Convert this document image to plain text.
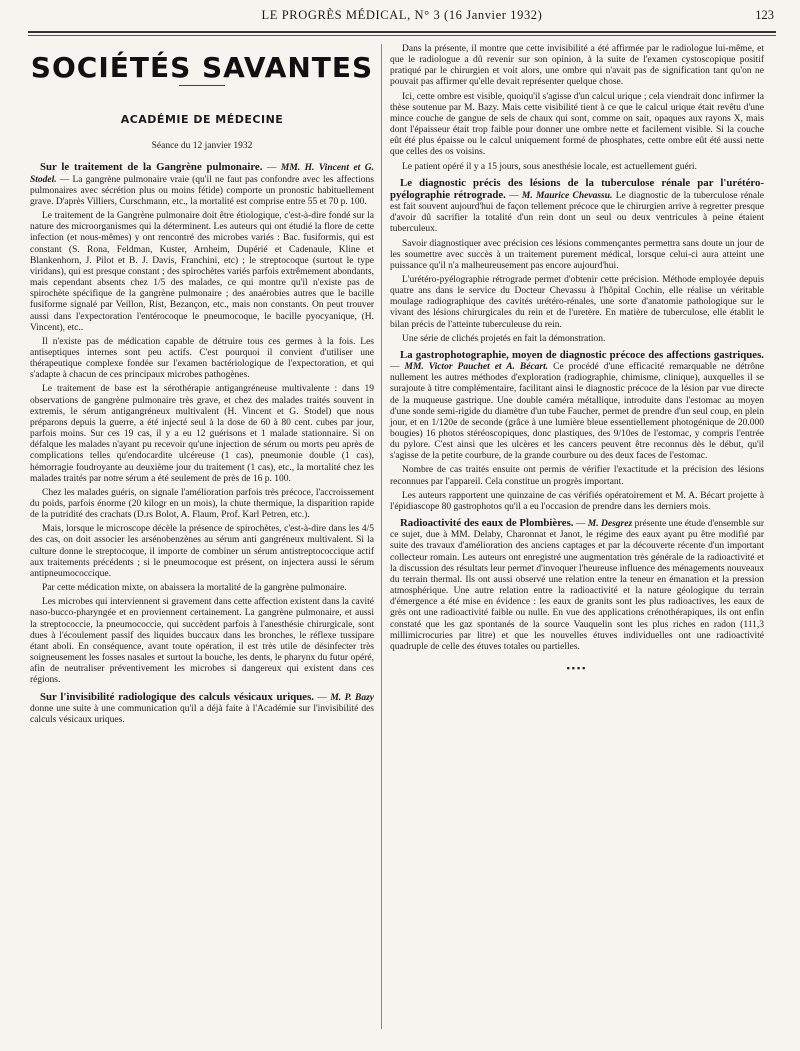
LE PROGRÈS MÉDICAL, N° 3 (16 Janvier 1932)	123
SOCIÉTÉS SAVANTES
ACADÉMIE DE MÉDECINE
Séance du 12 janvier 1932

Sur le traitement de la Gangrène pulmonaire. — MM. H. Vincent et G. Stodel. — La gangrène pulmonaire vraie (qu'il ne faut pas confondre avec les affections pulmonaires avec sécrétion plus ou moins fétide) comporte un pronostic habituellement grave. D'après Villiers, Curschmann, etc., la mortalité est comprise entre 55 et 70 p. 100.

Le traitement de la Gangrène pulmonaire doit être étiologique, c'est-à-dire fondé sur la nature des microorganismes qui la déterminent. Les auteurs qui ont étudié la flore de cette infection (et nous-mêmes) y ont rencontré des microbes variés : Bac. fusiformis, qui est constant (S. Rona, Feldman, Kuster, Arnheim, Dupérié et Cadenaule, Kline et Blankenhorn, J. Pilot et B. J. Davis, Franchini, etc) ; le streptocoque (surtout le type viridans), qui est presque constant ; des spirochètes variés parfois extrêmement abondants, mais cependant absents chez 1/5 des malades, ce qui montre qu'il n'existe pas de spirochète spécifique de la gangrène pulmonaire ; des anaérobies autres que le bacille fusiforme signalé par Veillon, Rist, Bezançon, etc., mais non constants. On peut trouver aussi dans l'expectoration l'entérocoque le pneumocoque, le bacille pyocyanique, (H. Vincent), etc..

Il n'existe pas de médication capable de détruire tous ces germes à la fois. Les antiseptiques internes sont peu actifs. C'est pourquoi il convient d'utiliser une thérapeutique complexe fondée sur l'examen bactériologique de l'expectoration, et qui s'adapte à chacun de ces principaux microbes pathogènes.

Le traitement de base est la sérothérapie antigangréneuse multivalente : dans 19 observations de gangrène pulmonaire très grave, et chez des malades traités souvent in extremis, le sérum antigangréneux multivalent (H. Vincent et G. Stodel) que nous préparons depuis la guerre, a été injecté seul à la dose de 60 à 80 cent. cubes par jour, parfois moins. Sur ces 19 cas, il y a eu 12 guérisons et 1 malade stationnaire. Si on défalque les malades n'ayant pu recevoir qu'une injection de sérum ou morts peu après de complications telles qu'endocardite ulcéreuse (1 cas), pneumonie double (1 cas), hémorragie foudroyante au deuxième jour du traitement (1 cas), etc., la mortalité chez les malades traités par notre sérum a été seulement de près de 16 p. 100.

Chez les malades guéris, on signale l'amélioration parfois très précoce, l'accroissement du poids, parfois énorme (20 kilogr en un mois), la chute thermique, la disparition rapide de la putridité des crachats (D.rs Bolot, A. Flaum, Prof. Karl Petren, etc.).

Mais, lorsque le microscope décèle la présence de spirochètes, c'est-à-dire dans les 4/5 des cas, on doit associer les arsénobenzènes au sérum anti gangréneux multivalent. Si la culture donne le streptocoque, il importe de combiner un sérum antistreptococcique actif aux traitements précédents ; si le pneumocoque est présent, on injectera aussi le sérum antipneumococcique.

Par cette médication mixte, on abaissera la mortalité de la gangrène pulmonaire.

Les microbes qui interviennent si gravement dans cette affection existent dans la cavité naso-bucco-pharyngée et en proviennent certainement. La gangrène pulmonaire, et aussi la streptococcie, la pneumococcie, qui succèdent parfois à l'anesthésie chirurgicale, sont dues à l'écoulement passif des liquides buccaux dans les bronches, le réflexe tussipare étant aboli. En conséquence, avant toute opération, il est très utile de désinfecter très soigneusement les fosses nasales et surtout la bouche, les dents, le pharynx du futur opéré, afin de neutraliser préventivement les microbes si dangereux qui existent dans ces régions.

Sur l'invisibilité radiologique des calculs vésicaux uriques. — M. P. Bazy donne une suite à une communication qu'il a déjà faite à l'Académie sur l'invisibilité des calculs vésicaux uriques.

Dans la présente, il montre que cette invisibilité a été affirmée par le radiologue lui-même, et que le radiologue a dû revenir sur son opinion, à la suite de l'examen cystoscopique positif pratiqué par le chirurgien et voit alors, une ombre qui n'avait pas de signification tant qu'on ne pouvait pas affirmer qu'elle devait représenter quelque chose.

Ici, cette ombre est visible, quoiqu'il s'agisse d'un calcul urique ; cela viendrait donc infirmer la thèse soutenue par M. Bazy. Mais cette visibilité tient à ce que le calcul urique était revêtu d'une mince couche de gangue de sels de chaux qui sont, comme on sait, opaques aux rayons X, mais dont l'épaisseur était trop faible pour donner une ombre nette et facilement visible. Si la couche eût été plus épaisse ou le calcul uniquement formé de phosphates, cette ombre eût été aussi nette que celles des os voisins.

Le patient opéré il y a 15 jours, sous anesthésie locale, est actuellement guéri.

Le diagnostic précis des lésions de la tuberculose rénale par l'urétéro-pyélographie rétrograde. — M. Maurice Chevassu. Le diagnostic de la tuberculose rénale est fait souvent aujourd'hui de façon tellement précoce que le chirurgien arrive à regretter presque d'avoir dû sacrifier la totalité d'un rein dont un seul ou deux ventricules à peine étaient tuberculeux.

Savoir diagnostiquer avec précision ces lésions commençantes permettra sans doute un jour de les soumettre avec succès à un traitement purement médical, lorsque celui-ci aura atteint une puissance qu'il n'a malheureusement pas encore aujourd'hui.

L'urétéro-pyélographie rétrograde permet d'obtenir cette précision. Méthode employée depuis quatre ans dans le service du Docteur Chevassu à l'hôpital Cochin, elle réalise un véritable moulage radiographique des cavités urétéro-rénales, une sorte d'anatomie pathologique sur le vivant des lésions chirurgicales du rein et de l'uretère. En matière de tuberculose, elle établit le bilan précis de l'atteinte tuberculeuse du rein.

Une série de clichés projetés en fait la démonstration.

La gastrophotographie, moyen de diagnostic précoce des affections gastriques. — MM. Victor Pauchet et A. Bécart. Ce procédé d'une efficacité remarquable ne détrône nullement les autres méthodes d'exploration (radiographie, chimisme, clinique), auxquelles il se surajoute à titre complémentaire, facilitant ainsi le diagnostic précoce de la lésion par vue directe de la muqueuse gastrique. Une double caméra métallique, introduite dans l'estomac au moyen d'une sonde semi-rigide du diamètre d'un tube Faucher, permet de prendre d'un seul coup, en plein jour, et en 1/120e de seconde (grâce à une lumière bleue essentiellement photogénique de 20.000 bougies) 16 photos stéréoscopiques, donc plastiques, des 9/10es de l'estomac, y compris l'entrée du pylore. C'est ainsi que les ulcères et les cancers peuvent être reconnus dès le début, qu'il s'agisse de la petite courbure, de la grande courbure ou des deux faces de l'estomac.

Nombre de cas traités ensuite ont permis de vérifier l'exactitude et la précision des lésions reconnues par l'appareil. Cela constitue un progrès important.

Les auteurs rapportent une quinzaine de cas vérifiés opératoirement et M. A. Bécart projette à l'épidiascope 80 gastrophotos qu'il a eu l'occasion de prendre dans les derniers mois.

Radioactivité des eaux de Plombières. — M. Desgrez présente une étude d'ensemble sur ce sujet, due à MM. Delaby, Charonnat et Janot, le régime des eaux ayant pu être modifié par suite des travaux d'amélioration des anciens captages et par la découverte récente d'un important collecteur romain. Les auteurs ont enregistré une augmentation très générale de la radioactivité et la discussion des résultats leur permet d'invoquer l'heureuse influence des ménagements nouveaux du terrain thermal. Ils ont aussi observé une relation entre la teneur en émanation et la pression atmosphérique. Une autre relation entre la radioactivité et la nature géologique du terrain d'émergence a été mise en évidence : les eaux de granits sont les plus radioactives, les eaux de grès ont une radioactivité faible ou nulle. En vue des applications crénothérapiques, ils ont enfin constaté que les gaz spontanés de la source Vauquelin sont les plus riches en radon (111,3 millimicrocuries par litre) et que les nouvelles étuves individuelles ont une radioactivité quadruple de celle des étuves totales ou partielles.

▪▪▪▪
